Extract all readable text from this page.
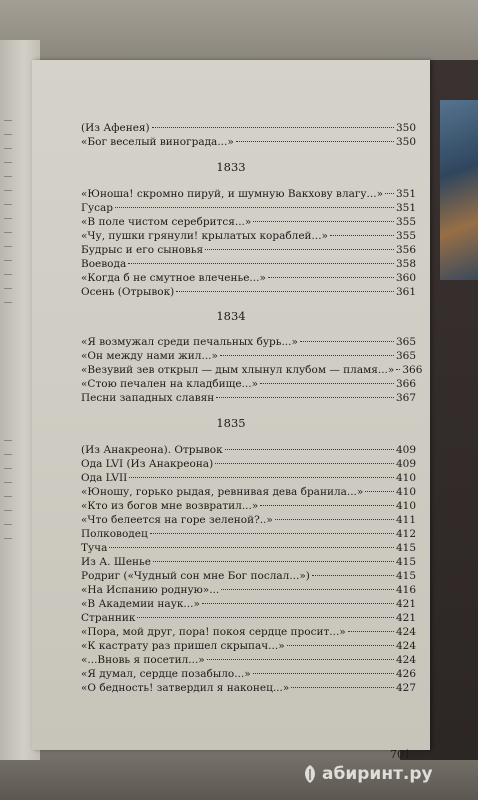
701
(Из Афенея)	350
«Бог веселый винограда...»	350
1833
«Юноша! скромно пируй, и шумную Вакхову влагу...» 351
Гусар	351
«В поле чистом серебрится...»	355
«Чу, пушки грянули! крылатых кораблей...»	355
Будрыс и его сыновья	356
Воевода	358
«Когда б не смутное влеченье...»	360
Осень (Отрывок)	361
1834
«Я возмужал среди печальных бурь...»	365
«Он между нами жил...»	365
«Везувий зев открыл — дым хлынул клубом — пламя...» 366
«Стою печален на кладбище...»	366
Песни западных славян	367
1835
(Из Анакреона). Отрывок	409
Ода LVI (Из Анакреона)	409
Ода LVII	410
«Юношу, горько рыдая, ревнивая дева бранила...»	410
«Кто из богов мне возвратил...»	410
«Что белеется на горе зеленой?..»	411
Полководец	412
Туча	415
Из А. Шенье	415
Родриг («Чудный сон мне Бог послал...»)	415
«На Испанию родную»...	416
«В Академии наук...»	421
Странник	421
«Пора, мой друг, пора! покоя сердце просит...»	424
«К кастрату раз пришел скрыпач...»	424
«...Вновь я посетил...»	424
«Я думал, сердце позабыло...»	426
«О бедность! затвердил я наконец...»	427
абиринт.ру
